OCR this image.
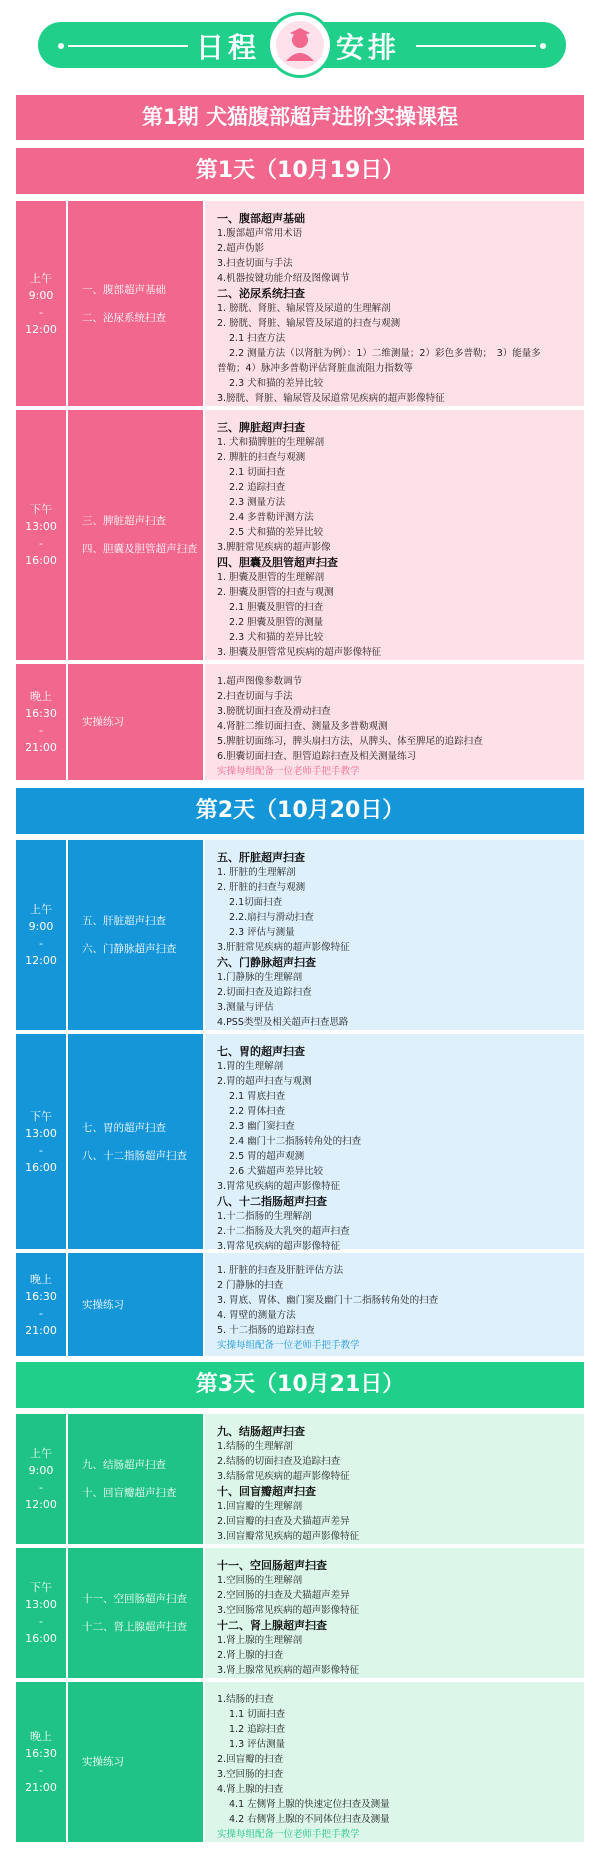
日程	安排
第1期 犬猫腹部超声进阶实操课程
第1天（10月19日）
上午
9:00
-
12:00
一、腹部超声基础
二、泌尿系统扫查
一、腹部超声基础
1.腹部超声常用术语
2.超声伪影
3.扫查切面与手法
4.机器按键功能介绍及图像调节
二、泌尿系统扫查
1. 膀胱、肾脏、输尿管及尿道的生理解剖
2. 膀胱、肾脏、输尿管及尿道的扫查与观测
2.1 扫查方法
2.2 测量方法（以肾脏为例）：1）二维测量；2）彩色多普勒；　3）能量多
普勒；4）脉冲多普勒评估肾脏血流阻力指数等
2.3 犬和猫的差异比较
3.膀胱、肾脏、输尿管及尿道常见疾病的超声影像特征
下午
13:00
-
16:00
三、脾脏超声扫查
四、胆囊及胆管超声扫查
三、脾脏超声扫查
1. 犬和猫脾脏的生理解剖
2. 脾脏的扫查与观测
2.1 切面扫查
2.2 追踪扫查
2.3 测量方法
2.4 多普勒评测方法
2.5 犬和猫的差异比较
3.脾脏常见疾病的超声影像
四、胆囊及胆管超声扫查
1. 胆囊及胆管的生理解剖
2. 胆囊及胆管的扫查与观测
2.1 胆囊及胆管的扫查
2.2 胆囊及胆管的测量
2.3 犬和猫的差异比较
3. 胆囊及胆管常见疾病的超声影像特征
晚上
16:30
-
21:00
实操练习
1.超声图像参数调节
2.扫查切面与手法
3.膀胱切面扫查及滑动扫查
4.肾脏二维切面扫查、测量及多普勒观测
5.脾脏切面练习，脾头扇扫方法，从脾头、体至脾尾的追踪扫查
6.胆囊切面扫查、胆管追踪扫查及相关测量练习
实操每组配备一位老师手把手教学
第2天（10月20日）
上午
9:00
-
12:00
五、肝脏超声扫查
六、门静脉超声扫查
五、肝脏超声扫查
1. 肝脏的生理解剖
2. 肝脏的扫查与观测
2.1切面扫查
2.2.扇扫与滑动扫查
2.3 评估与测量
3.肝脏常见疾病的超声影像特征
六、门静脉超声扫查
1.门静脉的生理解剖
2.切面扫查及追踪扫查
3.测量与评估
4.PSS类型及相关超声扫查思路
下午
13:00
-
16:00
七、胃的超声扫查
八、十二指肠超声扫查
七、胃的超声扫查
1.胃的生理解剖
2.胃的超声扫查与观测
2.1 胃底扫查
2.2 胃体扫查
2.3 幽门窦扫查
2.4 幽门十二指肠转角处的扫查
2.5 胃的超声观测
2.6 犬猫超声差异比较
3.胃常见疾病的超声影像特征
八、十二指肠超声扫查
1.十二指肠的生理解剖
2.十二指肠及大乳突的超声扫查
3.胃常见疾病的超声影像特征
晚上
16:30
-
21:00
实操练习
1. 肝脏的扫查及肝脏评估方法
2 门静脉的扫查
3. 胃底、胃体、幽门窦及幽门十二指肠转角处的扫查
4. 胃壁的测量方法
5. 十二指肠的追踪扫查
实操每组配备一位老师手把手教学
第3天（10月21日）
上午
9:00
-
12:00
九、结肠超声扫查
十、回盲瓣超声扫查
九、结肠超声扫查
1.结肠的生理解剖
2.结肠的切面扫查及追踪扫查
3.结肠常见疾病的超声影像特征
十、回盲瓣超声扫查
1.回盲瓣的生理解剖
2.回盲瓣的扫查及犬猫超声差异
3.回盲瓣常见疾病的超声影像特征
下午
13:00
-
16:00
十一、空回肠超声扫查
十二、肾上腺超声扫查
十一、空回肠超声扫查
1.空回肠的生理解剖
2.空回肠的扫查及犬猫超声差异
3.空回肠常见疾病的超声影像特征
十二、肾上腺超声扫查
1.肾上腺的生理解剖
2.肾上腺的扫查
3.肾上腺常见疾病的超声影像特征
晚上
16:30
-
21:00
实操练习
1.结肠的扫查
1.1 切面扫查
1.2 追踪扫查
1.3 评估测量
2.回盲瓣的扫查
3.空回肠的扫查
4.肾上腺的扫查
4.1 左侧肾上腺的快速定位扫查及测量
4.2 右侧肾上腺的不同体位扫查及测量
实操每组配备一位老师手把手教学
